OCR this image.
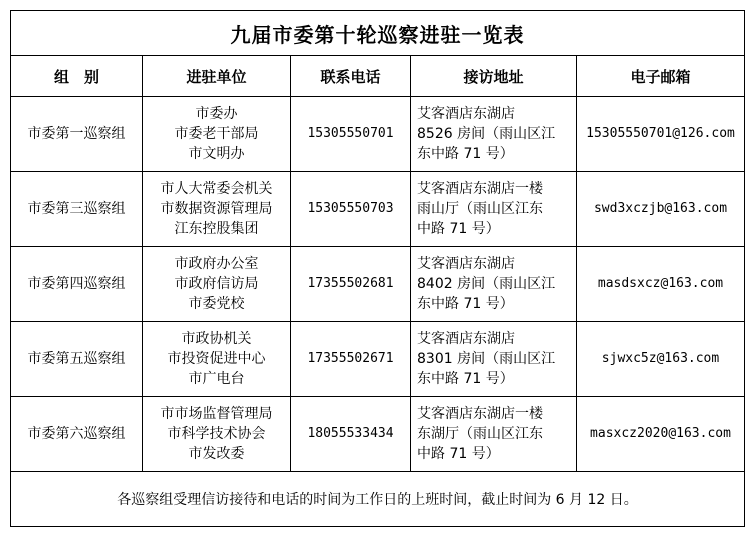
九届市委第十轮巡察进驻一览表				
组　别	进驻单位	联系电话	接访地址	电子邮箱
市委第一巡察组	市委办
市委老干部局
市文明办	15305550701	艾客酒店东湖店
8526 房间（雨山区江
东中路 71 号）	15305550701@126.com
市委第三巡察组	市人大常委会机关
市数据资源管理局
江东控股集团	15305550703	艾客酒店东湖店一楼
雨山厅（雨山区江东
中路 71 号）	swd3xczjb@163.com
市委第四巡察组	市政府办公室
市政府信访局
市委党校	17355502681	艾客酒店东湖店
8402 房间（雨山区江
东中路 71 号）	masdsxcz@163.com
市委第五巡察组	市政协机关
市投资促进中心
市广电台	17355502671	艾客酒店东湖店
8301 房间（雨山区江
东中路 71 号）	sjwxc5z@163.com
市委第六巡察组	市市场监督管理局
市科学技术协会
市发改委	18055533434	艾客酒店东湖店一楼
东湖厅（雨山区江东
中路 71 号）	masxcz2020@163.com
各巡察组受理信访接待和电话的时间为工作日的上班时间，截止时间为 6 月 12 日。				
